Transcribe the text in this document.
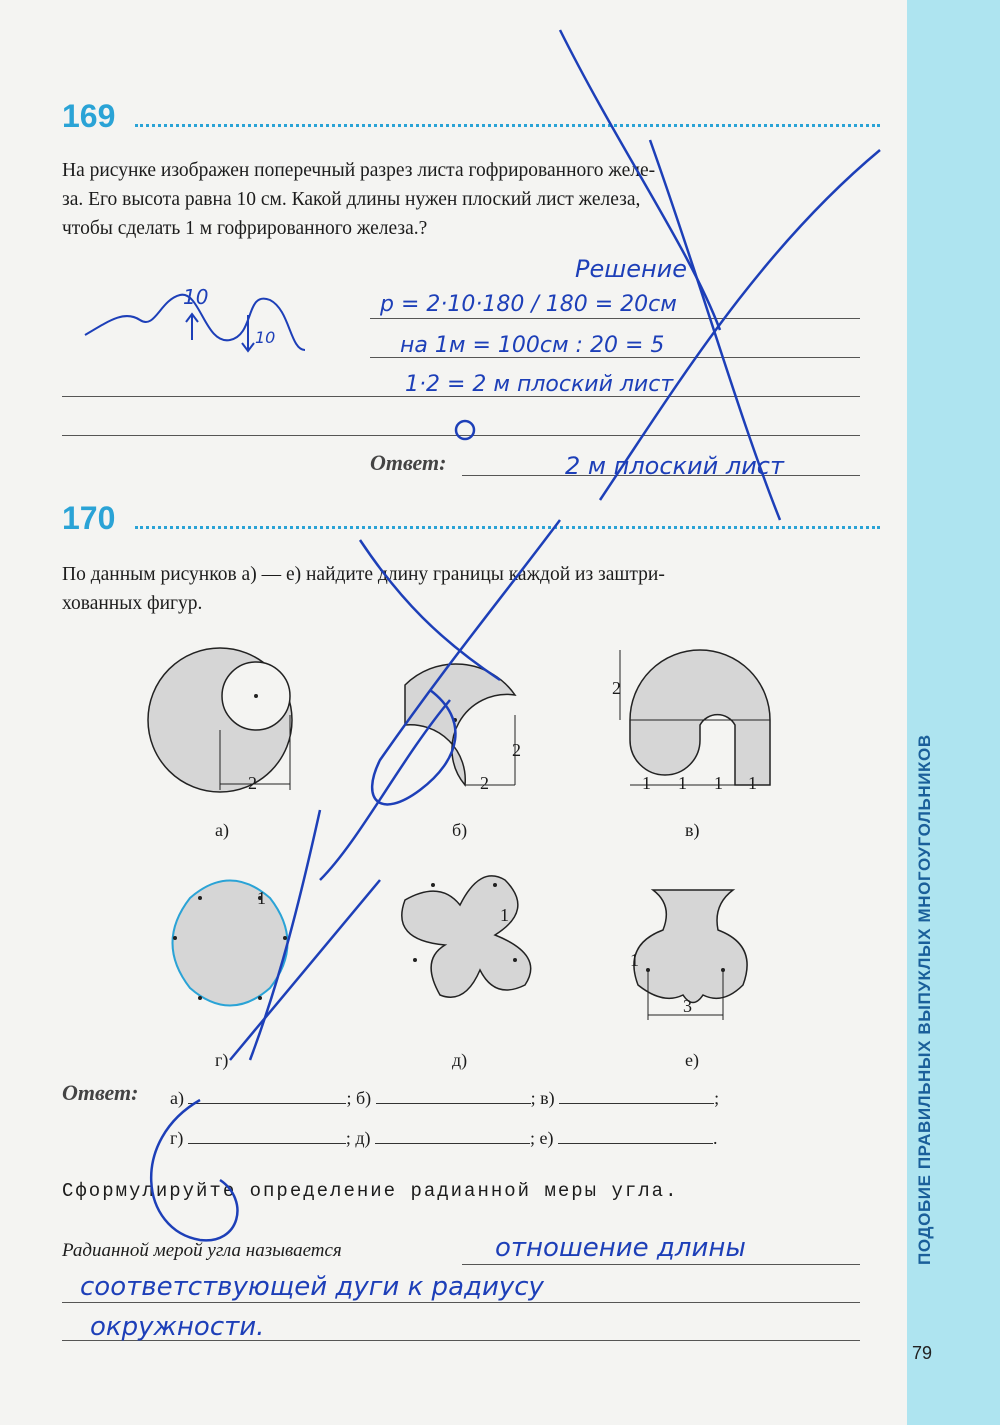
ПОДОБИЕ ПРАВИЛЬНЫХ ВЫПУКЛЫХ МНОГОУГОЛЬНИКОВ
79
169
На рисунке изображен поперечный разрез листа гофрированного желе-
за. Его высота равна 10 см. Какой длины нужен плоский лист железа,
чтобы сделать 1 м гофрированного железа.?
Ответ:
10
10
Решение
p = 2·10·180 / 180 = 20см
на 1м = 100см : 20 = 5
1·2 = 2 м плоский лист
2 м плоский лист
170
По данным рисунков а) — е) найдите длину границы каждой из заштри-
хованных фигур.
2
а)
2
2
б)
2
1 1 1 1
в)
1
г)
1
д)
1
3
е)
Ответ: а)	; б)	; в)	;
г)	; д)	; е)	.
Сформулируйте определение радианной меры угла.
Радианной мерой угла называется	отношение длины
соответствующей дуги к радиусу
окружности.
